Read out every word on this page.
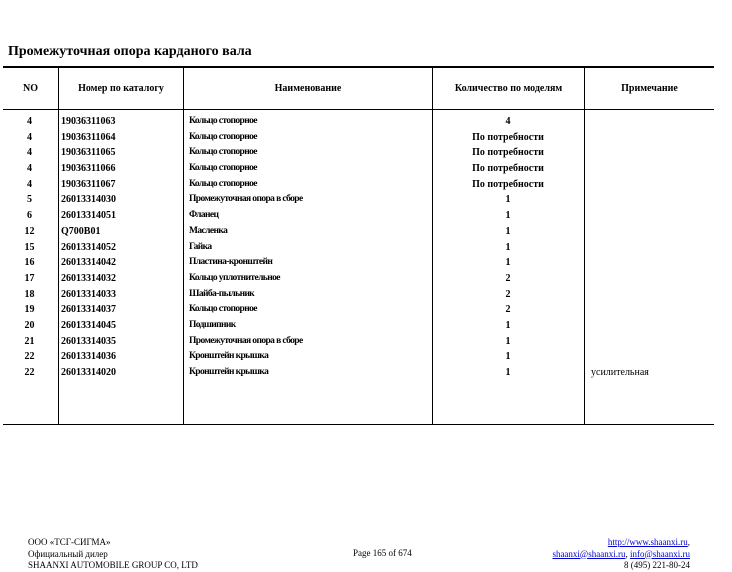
Промежуточная опора карданого вала
NO	Номер по каталогу	Наименование	Количество по моделям	Примечание
4	19036311063	Кольцо стопорное	4
4	19036311064	Кольцо стопорное	По потребности
4	19036311065	Кольцо стопорное	По потребности
4	19036311066	Кольцо стопорное	По потребности
4	19036311067	Кольцо стопорное	По потребности
5	26013314030	Промежуточная опора в сборе	1
6	26013314051	Фланец	1
12	Q700B01	Масленка	1
15	26013314052	Гайка	1
16	26013314042	Пластина-кронштейн	1
17	26013314032	Кольцо уплотнительное	2
18	26013314033	Шайба-пыльник	2
19	26013314037	Кольцо стопорное	2
20	26013314045	Подшипник	1
21	26013314035	Промежуточная опора в сборе	1
22	26013314036	Кронштейн крышка	1
22	26013314020	Кронштейн крышка	1	усилительная
ООО «ТСГ-СИГМА»
Официальный дилер
SHAANXI AUTOMOBILE GROUP CO, LTD
Page 165 of 674
http://www.shaanxi.ru,
shaanxi@shaanxi.ru, info@shaanxi.ru
8 (495) 221-80-24
